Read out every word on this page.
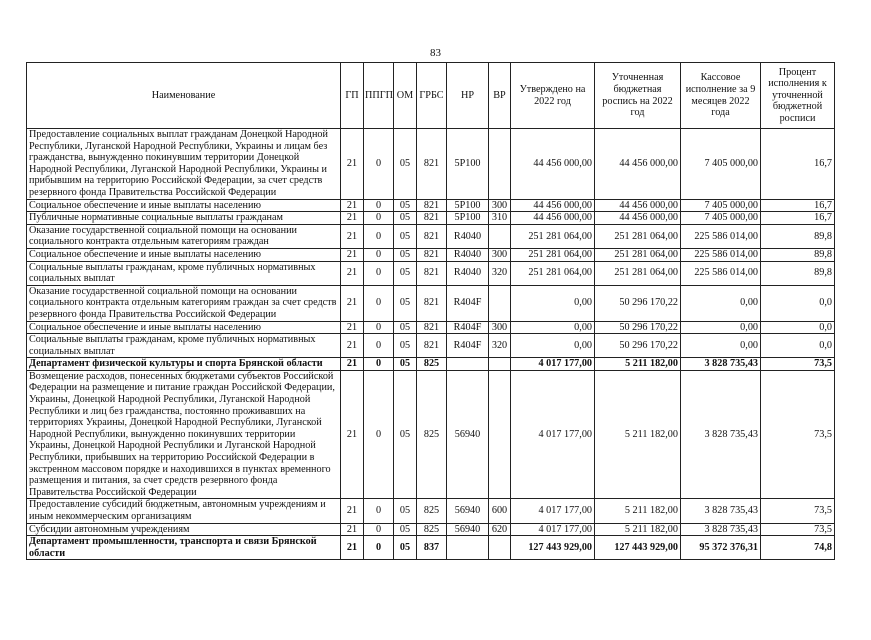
83
Наименование	ГП	ППГП	ОМ	ГРБС	НР	ВР	Утверждено на 2022 год	Уточненная бюджетная роспись на 2022 год	Кассовое исполнение за 9 месяцев 2022 года	Процент исполнения к уточненной бюджетной росписи
Предоставление социальных выплат гражданам Донецкой Народной Республики, Луганской Народной Республики, Украины и лицам без гражданства, вынужденно покинувшим территории Донецкой Народной Республики, Луганской Народной Республики, Украины и прибывшим на территорию Российской Федерации, за счет средств резервного фонда Правительства Российской Федерации	21	0	05	821	5Р100		44 456 000,00	44 456 000,00	7 405 000,00	16,7
Социальное обеспечение и иные выплаты населению	21	0	05	821	5Р100	300	44 456 000,00	44 456 000,00	7 405 000,00	16,7
Публичные нормативные социальные выплаты гражданам	21	0	05	821	5Р100	310	44 456 000,00	44 456 000,00	7 405 000,00	16,7
Оказание государственной социальной помощи на основании социального контракта отдельным категориям граждан	21	0	05	821	R4040		251 281 064,00	251 281 064,00	225 586 014,00	89,8
Социальное обеспечение и иные выплаты населению	21	0	05	821	R4040	300	251 281 064,00	251 281 064,00	225 586 014,00	89,8
Социальные выплаты гражданам, кроме публичных нормативных социальных выплат	21	0	05	821	R4040	320	251 281 064,00	251 281 064,00	225 586 014,00	89,8
Оказание государственной социальной помощи на основании социального контракта отдельным категориям граждан за счет средств резервного фонда Правительства Российской Федерации	21	0	05	821	R404F		0,00	50 296 170,22	0,00	0,0
Социальное обеспечение и иные выплаты населению	21	0	05	821	R404F	300	0,00	50 296 170,22	0,00	0,0
Социальные выплаты гражданам, кроме публичных нормативных социальных выплат	21	0	05	821	R404F	320	0,00	50 296 170,22	0,00	0,0
Департамент физической культуры и спорта Брянской области	21	0	05	825			4 017 177,00	5 211 182,00	3 828 735,43	73,5
Возмещение расходов, понесенных бюджетами субъектов Российской Федерации на размещение и питание граждан Российской Федерации, Украины, Донецкой Народной Республики, Луганской Народной Республики и лиц без гражданства, постоянно проживавших на территориях Украины, Донецкой Народной Республики, Луганской Народной Республики, вынужденно покинувших территории Украины, Донецкой Народной Республики и Луганской Народной Республики, прибывших на территорию Российской Федерации в экстренном массовом порядке и находившихся в пунктах временного размещения и питания, за счет средств резервного фонда Правительства Российской Федерации	21	0	05	825	56940		4 017 177,00	5 211 182,00	3 828 735,43	73,5
Предоставление субсидий бюджетным, автономным учреждениям и иным некоммерческим организациям	21	0	05	825	56940	600	4 017 177,00	5 211 182,00	3 828 735,43	73,5
Субсидии автономным учреждениям	21	0	05	825	56940	620	4 017 177,00	5 211 182,00	3 828 735,43	73,5
Департамент промышленности, транспорта и связи Брянской области	21	0	05	837			127 443 929,00	127 443 929,00	95 372 376,31	74,8
